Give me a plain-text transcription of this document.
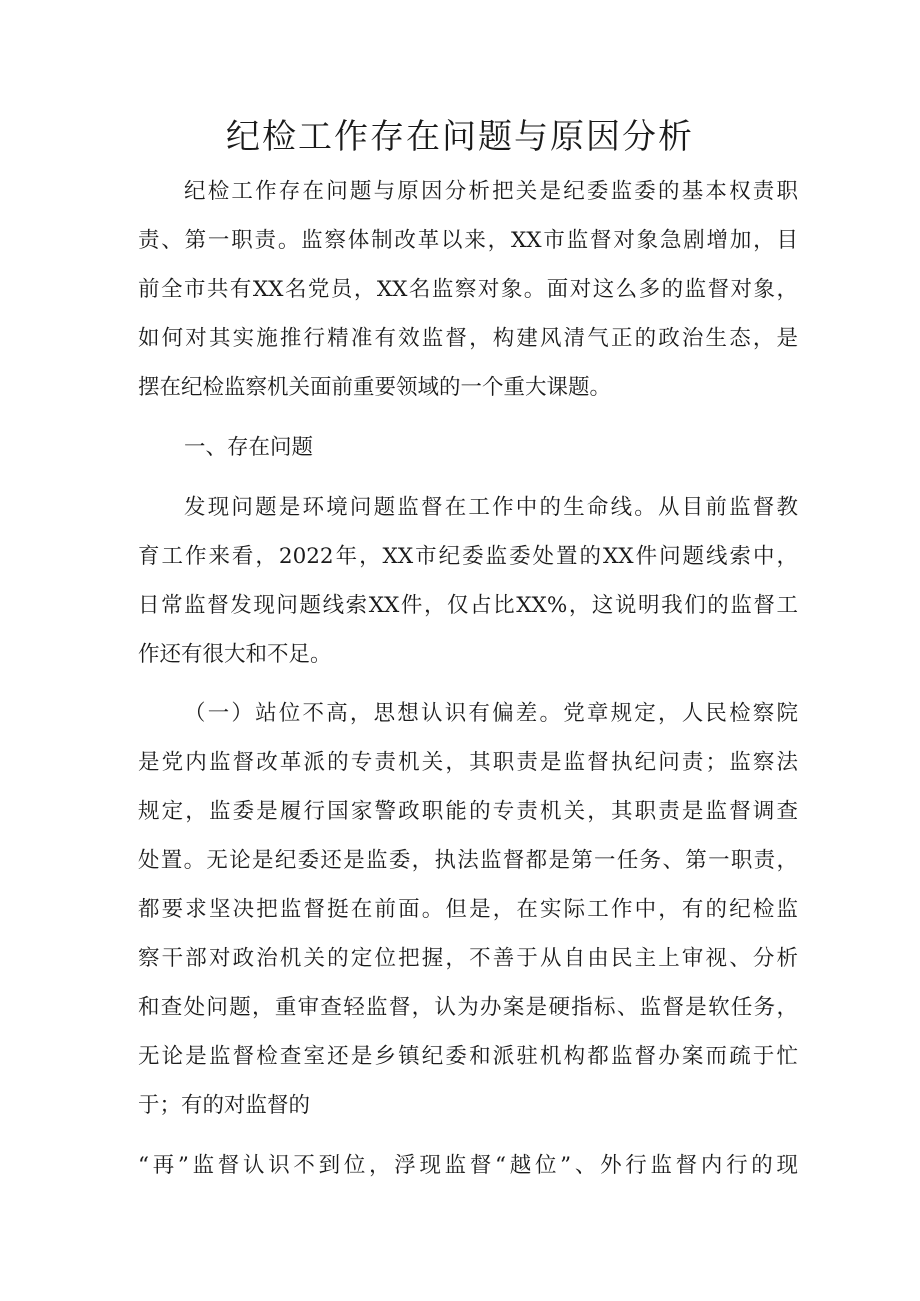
纪检工作存在问题与原因分析
纪检工作存在问题与原因分析把关是纪委监委的基本权责职
责、第一职责。监察体制改革以来，XX市监督对象急剧增加，目
前全市共有XX名党员，XX名监察对象。面对这么多的监督对象，
如何对其实施推行精准有效监督，构建风清气正的政治生态，是
摆在纪检监察机关面前重要领域的一个重大课题。
一、存在问题
发现问题是环境问题监督在工作中的生命线。从目前监督教
育工作来看，2022年，XX市纪委监委处置的XX件问题线索中，
日常监督发现问题线索XX件，仅占比XX%，这说明我们的监督工
作还有很大和不足。
（一）站位不高，思想认识有偏差。党章规定，人民检察院
是党内监督改革派的专责机关，其职责是监督执纪问责；监察法
规定，监委是履行国家警政职能的专责机关，其职责是监督调查
处置。无论是纪委还是监委，执法监督都是第一任务、第一职责，
都要求坚决把监督挺在前面。但是，在实际工作中，有的纪检监
察干部对政治机关的定位把握，不善于从自由民主上审视、分析
和查处问题，重审查轻监督，认为办案是硬指标、监督是软任务，
无论是监督检查室还是乡镇纪委和派驻机构都监督办案而疏于忙
于；有的对监督的
“再”监督认识不到位，浮现监督“越位”、外行监督内行的现
